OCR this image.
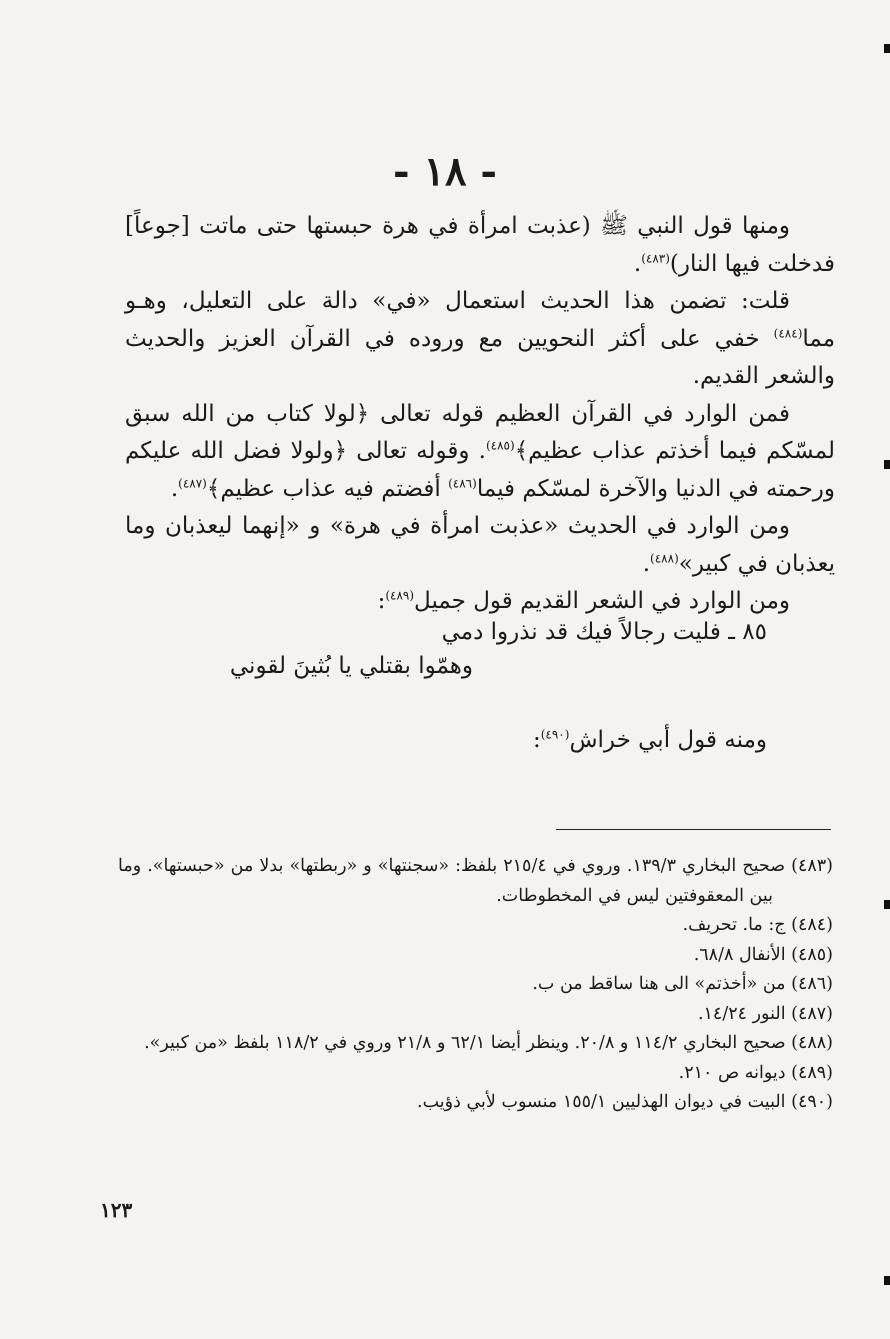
- ١٨ -

ومنها قول النبي ﷺ (عذبت امرأة في هرة حبستها حتى ماتت [جوعاً] فدخلت فيها النار)$^{(٤٨٣)}$.

قلت: تضمن هذا الحديث استعمال «في» دالة على التعليل، وهـو مما$^{(٤٨٤)}$ خفي على أكثر النحويين مع وروده في القرآن العزيز والحديث والشعر القديم.

فمن الوارد في القرآن العظيم قوله تعالى ﴿لولا كتاب من الله سبق لمسّكم فيما أخذتم عذاب عظيم﴾$^{(٤٨٥)}$. وقوله تعالى ﴿ولولا فضل الله عليكم ورحمته في الدنيا والآخرة لمسّكم فيما$^{(٤٨٦)}$ أفضتم فيه عذاب عظيم﴾$^{(٤٨٧)}$.

ومن الوارد في الحديث «عذبت امرأة في هرة» و «إنهما ليعذبان وما يعذبان في كبير»$^{(٤٨٨)}$.

ومن الوارد في الشعر القديم قول جميل$^{(٤٨٩)}$:

٨٥ ـ فليت رجالاً فيك قد نذروا دمي
وهمّوا بقتلي يا بُثينَ لقوني
ومنه قول أبي خراش$^{(٤٩٠)}$:

(٤٨٣) صحيح البخاري ١٣٩/٣. وروي في ٢١٥/٤ بلفظ: «سجنتها» و «ربطتها» بدلا من «حبستها». وما بين المعقوفتين ليس في المخطوطات.

(٤٨٤) ج: ما. تحريف.

(٤٨٥) الأنفال ٦٨/٨.

(٤٨٦) من «أخذتم» الى هنا ساقط من ب.

(٤٨٧) النور ١٤/٢٤.

(٤٨٨) صحيح البخاري ١١٤/٢ و ٢٠/٨. وينظر أيضا ٦٢/١ و ٢١/٨ وروي في ١١٨/٢ بلفظ «من كبير».

(٤٨٩) ديوانه ص ٢١٠.

(٤٩٠) البيت في ديوان الهذليين ١٥٥/١ منسوب لأبي ذؤيب.

١٢٣
